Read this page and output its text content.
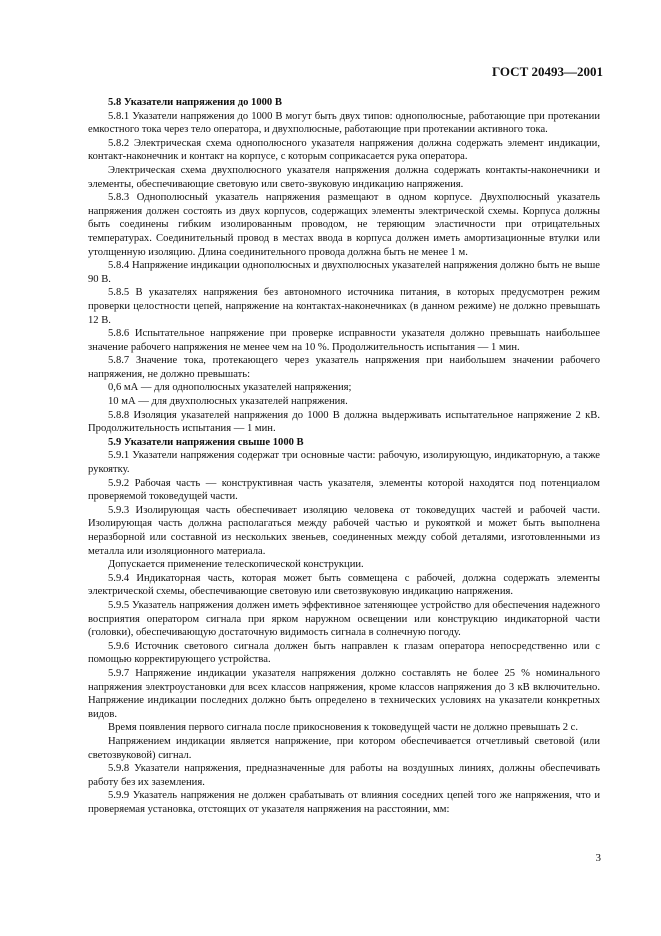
ГОСТ 20493—2001

5.8 Указатели напряжения до 1000 В

5.8.1 Указатели напряжения до 1000 В могут быть двух типов: однополюсные, работающие при протекании емкостного тока через тело оператора, и двухполюсные, работающие при протекании активного тока.

5.8.2 Электрическая схема однополюсного указателя напряжения должна содержать элемент индикации, контакт-наконечник и контакт на корпусе, с которым соприкасается рука оператора.

Электрическая схема двухполюсного указателя напряжения должна содержать контакты-наконечники и элементы, обеспечивающие световую или свето-звуковую индикацию напряжения.

5.8.3 Однополюсный указатель напряжения размещают в одном корпусе. Двухполюсный указатель напряжения должен состоять из двух корпусов, содержащих элементы электрической схемы. Корпуса должны быть соединены гибким изолированным проводом, не теряющим эластичности при отрицательных температурах. Соединительный провод в местах ввода в корпуса должен иметь амортизационные втулки или утолщенную изоляцию. Длина соединительного провода должна быть не менее 1 м.

5.8.4 Напряжение индикации однополюсных и двухполюсных указателей напряжения должно быть не выше 90 В.

5.8.5 В указателях напряжения без автономного источника питания, в которых предусмотрен режим проверки целостности цепей, напряжение на контактах-наконечниках (в данном режиме) не должно превышать 12 В.

5.8.6 Испытательное напряжение при проверке исправности указателя должно превышать наибольшее значение рабочего напряжения не менее чем на 10 %. Продолжительность испытания — 1 мин.

5.8.7 Значение тока, протекающего через указатель напряжения при наибольшем значении рабочего напряжения, не должно превышать:

0,6 мА — для однополюсных указателей напряжения;

10 мА — для двухполюсных указателей напряжения.

5.8.8 Изоляция указателей напряжения до 1000 В должна выдерживать испытательное напряжение 2 кВ. Продолжительность испытания — 1 мин.

5.9 Указатели напряжения свыше 1000 В

5.9.1 Указатели напряжения содержат три основные части: рабочую, изолирующую, индикаторную, а также рукоятку.

5.9.2 Рабочая часть — конструктивная часть указателя, элементы которой находятся под потенциалом проверяемой токоведущей части.

5.9.3 Изолирующая часть обеспечивает изоляцию человека от токоведущих частей и рабочей части. Изолирующая часть должна располагаться между рабочей частью и рукояткой и может быть выполнена неразборной или составной из нескольких звеньев, соединенных между собой деталями, изготовленными из металла или изоляционного материала.

Допускается применение телескопической конструкции.

5.9.4 Индикаторная часть, которая может быть совмещена с рабочей, должна содержать элементы электрической схемы, обеспечивающие световую или светозвуковую индикацию напряжения.

5.9.5 Указатель напряжения должен иметь эффективное затеняющее устройство для обеспечения надежного восприятия оператором сигнала при ярком наружном освещении или конструкцию индикаторной части (головки), обеспечивающую достаточную видимость сигнала в солнечную погоду.

5.9.6 Источник светового сигнала должен быть направлен к глазам оператора непосредственно или с помощью корректирующего устройства.

5.9.7 Напряжение индикации указателя напряжения должно составлять не более 25 % номинального напряжения электроустановки для всех классов напряжения, кроме классов напряжения до 3 кВ включительно. Напряжение индикации последних должно быть определено в технических условиях на указатели конкретных видов.

Время появления первого сигнала после прикосновения к токоведущей части не должно превышать 2 с.

Напряжением индикации является напряжение, при котором обеспечивается отчетливый световой (или светозвуковой) сигнал.

5.9.8 Указатели напряжения, предназначенные для работы на воздушных линиях, должны обеспечивать работу без их заземления.

5.9.9 Указатель напряжения не должен срабатывать от влияния соседних цепей того же напряжения, что и проверяемая установка, отстоящих от указателя напряжения на расстоянии, мм:

3
